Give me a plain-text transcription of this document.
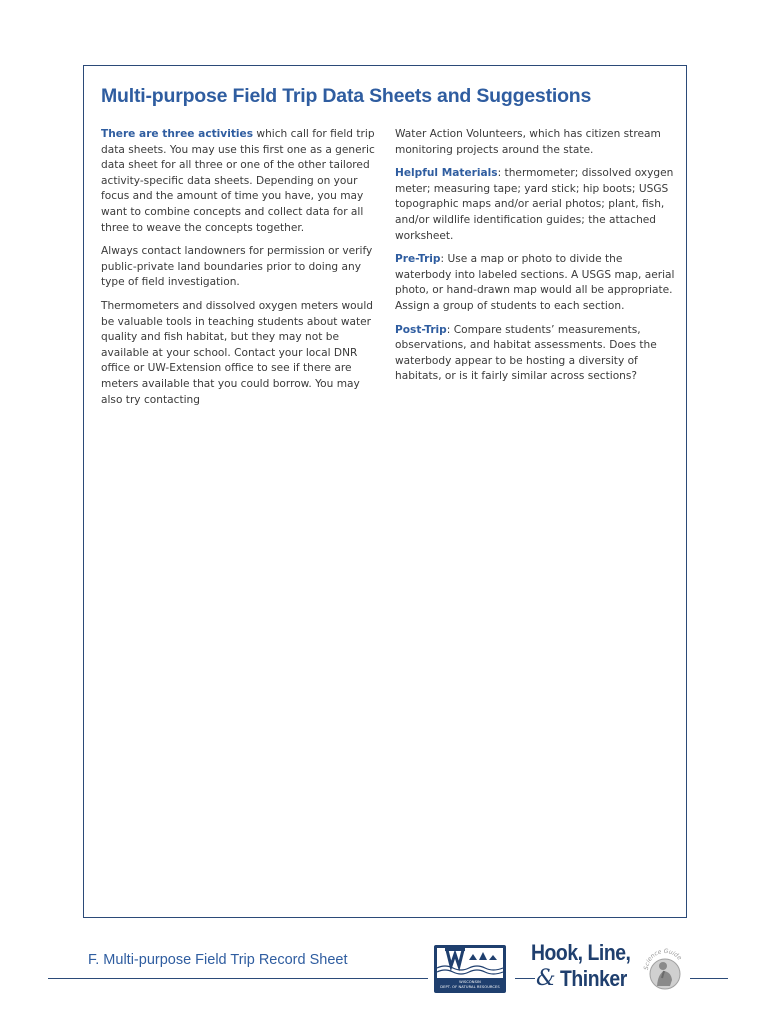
Multi-purpose Field Trip Data Sheets and Suggestions

There are three activities which call for field trip data sheets. You may use this first one as a generic data sheet for all three or one of the other tailored activity-specific data sheets. Depending on your focus and the amount of time you have, you may want to combine concepts and collect data for all three to weave the concepts together.

Always contact landowners for permission or verify public-private land boundaries prior to doing any type of field investigation.

Thermometers and dissolved oxygen meters would be valuable tools in teaching students about water quality and fish habitat, but they may not be available at your school. Contact your local DNR office or UW-Extension office to see if there are meters available that you could borrow. You may also try contacting

Water Action Volunteers, which has citizen stream monitoring projects around the state.

Helpful Materials: thermometer; dissolved oxygen meter; measuring tape; yard stick; hip boots; USGS topographic maps and/or aerial photos; plant, fish, and/or wildlife identification guides; the attached worksheet.

Pre-Trip: Use a map or photo to divide the waterbody into labeled sections. A USGS map, aerial photo, or hand-drawn map would all be appropriate. Assign a group of students to each section.

Post-Trip: Compare students’ measurements, observations, and habitat assessments. Does the waterbody appear to be hosting a diversity of habitats, or is it fairly similar across sections?

F. Multi-purpose Field Trip Record Sheet
WISCONSIN
DEPT. OF NATURAL RESOURCES
Hook, Line,
& Thinker	Science Guide
